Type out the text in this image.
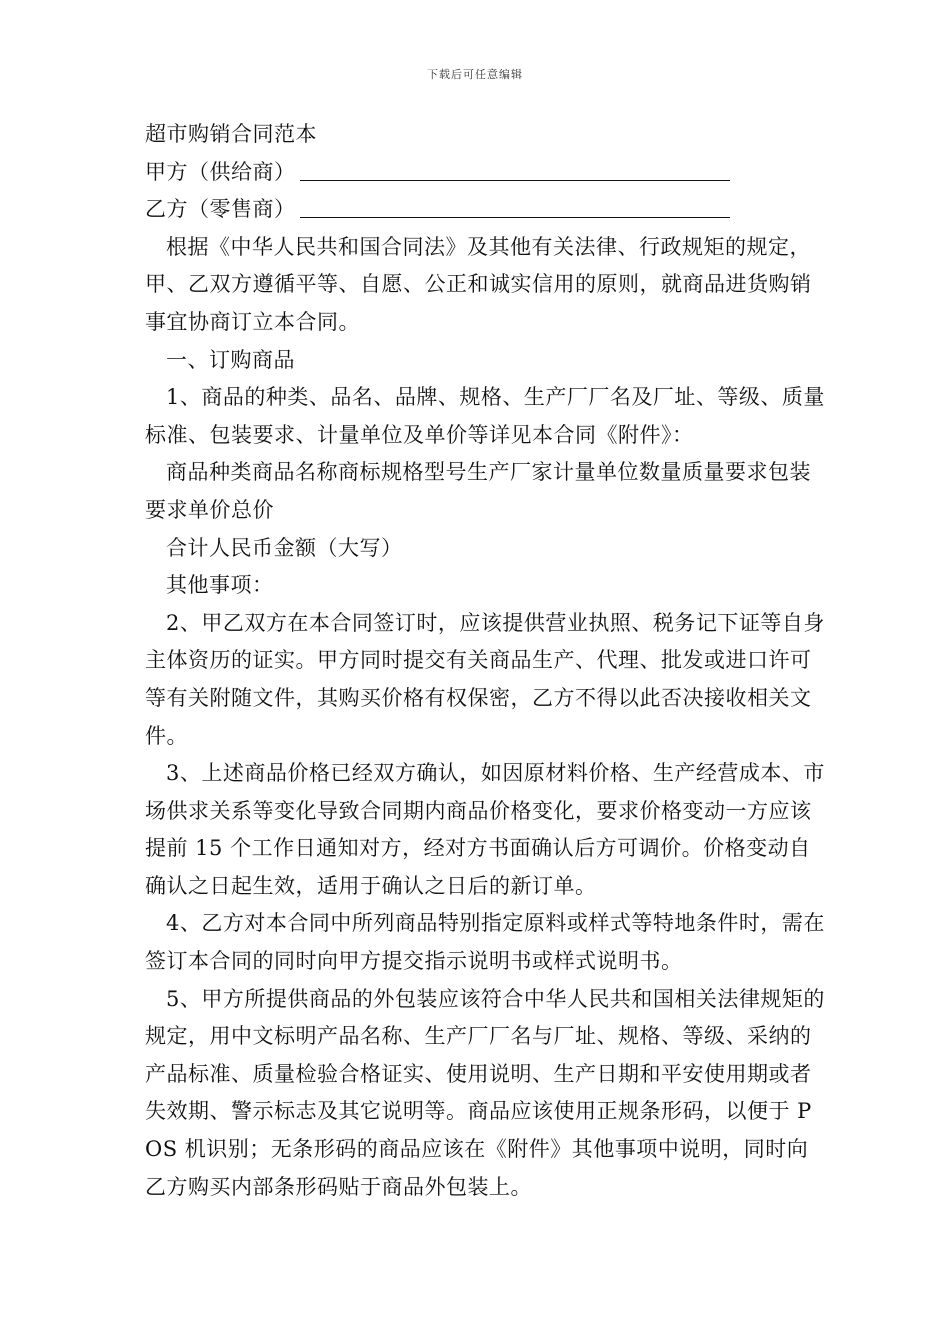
下载后可任意编辑

超市购销合同范本

甲方（供给商）

乙方（零售商）

根据《中华人民共和国合同法》及其他有关法律、行政规矩的规定，甲、乙双方遵循平等、自愿、公正和诚实信用的原则，就商品进货购销事宜协商订立本合同。

一、订购商品

1、商品的种类、品名、品牌、规格、生产厂厂名及厂址、等级、质量标准、包装要求、计量单位及单价等详见本合同《附件》：

商品种类商品名称商标规格型号生产厂家计量单位数量质量要求包装要求单价总价

合计人民币金额（大写）

其他事项：

2、甲乙双方在本合同签订时，应该提供营业执照、税务记下证等自身主体资历的证实。甲方同时提交有关商品生产、代理、批发或进口许可等有关附随文件，其购买价格有权保密，乙方不得以此否决接收相关文件。

3、上述商品价格已经双方确认，如因原材料价格、生产经营成本、市场供求关系等变化导致合同期内商品价格变化，要求价格变动一方应该提前 15 个工作日通知对方，经对方书面确认后方可调价。价格变动自确认之日起生效，适用于确认之日后的新订单。

4、乙方对本合同中所列商品特别指定原料或样式等特地条件时，需在签订本合同的同时向甲方提交指示说明书或样式说明书。

5、甲方所提供商品的外包装应该符合中华人民共和国相关法律规矩的规定，用中文标明产品名称、生产厂厂名与厂址、规格、等级、采纳的产品标准、质量检验合格证实、使用说明、生产日期和平安使用期或者失效期、警示标志及其它说明等。商品应该使用正规条形码，以便于 POS 机识别；无条形码的商品应该在《附件》其他事项中说明，同时向乙方购买内部条形码贴于商品外包装上。
